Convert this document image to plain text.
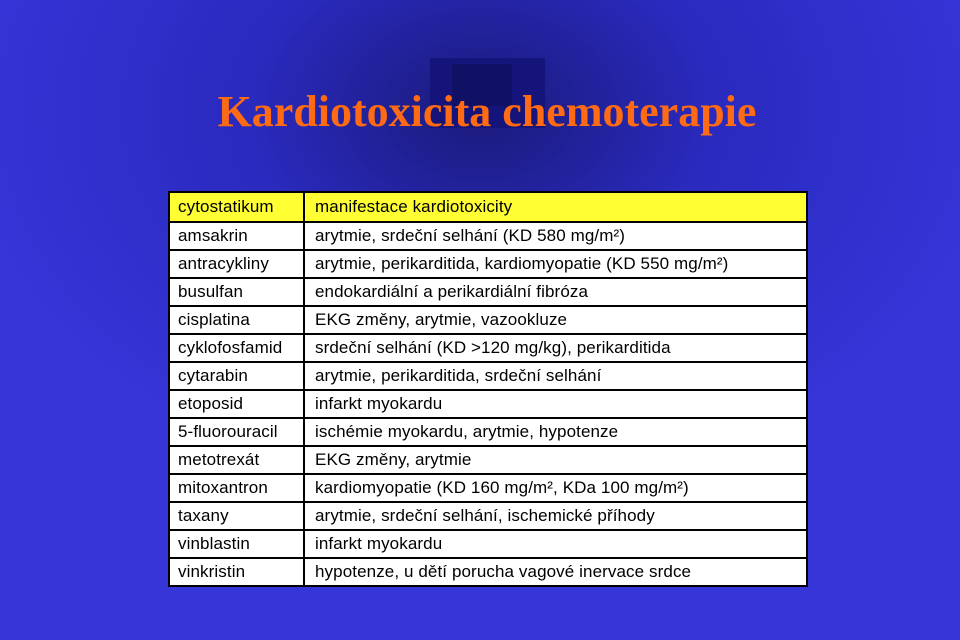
Kardiotoxicita chemoterapie
cytostatikum	manifestace kardiotoxicity
amsakrin	arytmie, srdeční selhání (KD 580 mg/m²)
antracykliny	arytmie, perikarditida, kardiomyopatie (KD 550 mg/m²)
busulfan	endokardiální a perikardiální fibróza
cisplatina	EKG změny, arytmie, vazookluze
cyklofosfamid	srdeční selhání (KD >120 mg/kg), perikarditida
cytarabin	arytmie, perikarditida, srdeční selhání
etoposid	infarkt myokardu
5-fluorouracil	ischémie myokardu, arytmie, hypotenze
metotrexát	EKG změny, arytmie
mitoxantron	kardiomyopatie (KD 160 mg/m², KDa 100 mg/m²)
taxany	arytmie, srdeční selhání, ischemické příhody
vinblastin	infarkt myokardu
vinkristin	hypotenze, u dětí porucha vagové inervace srdce
